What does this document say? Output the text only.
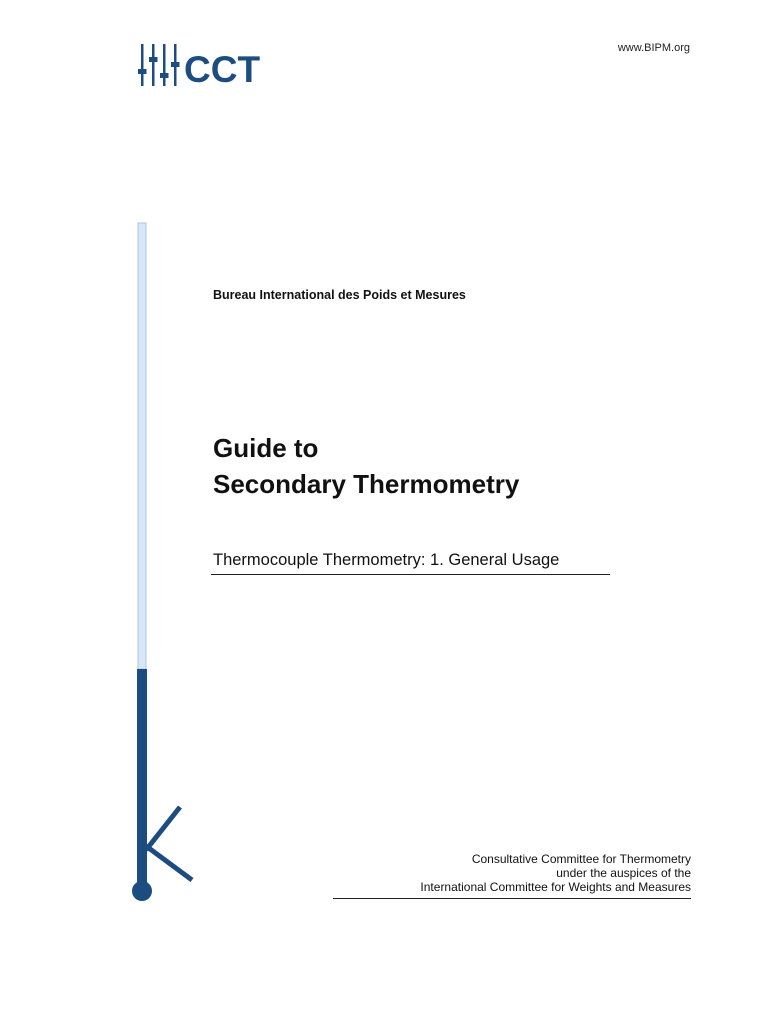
CCT
www.BIPM.org
Bureau International des Poids et Mesures
Guide to
Secondary Thermometry
Thermocouple Thermometry: 1. General Usage
Consultative Committee for Thermometry
under the auspices of the
International Committee for Weights and Measures
